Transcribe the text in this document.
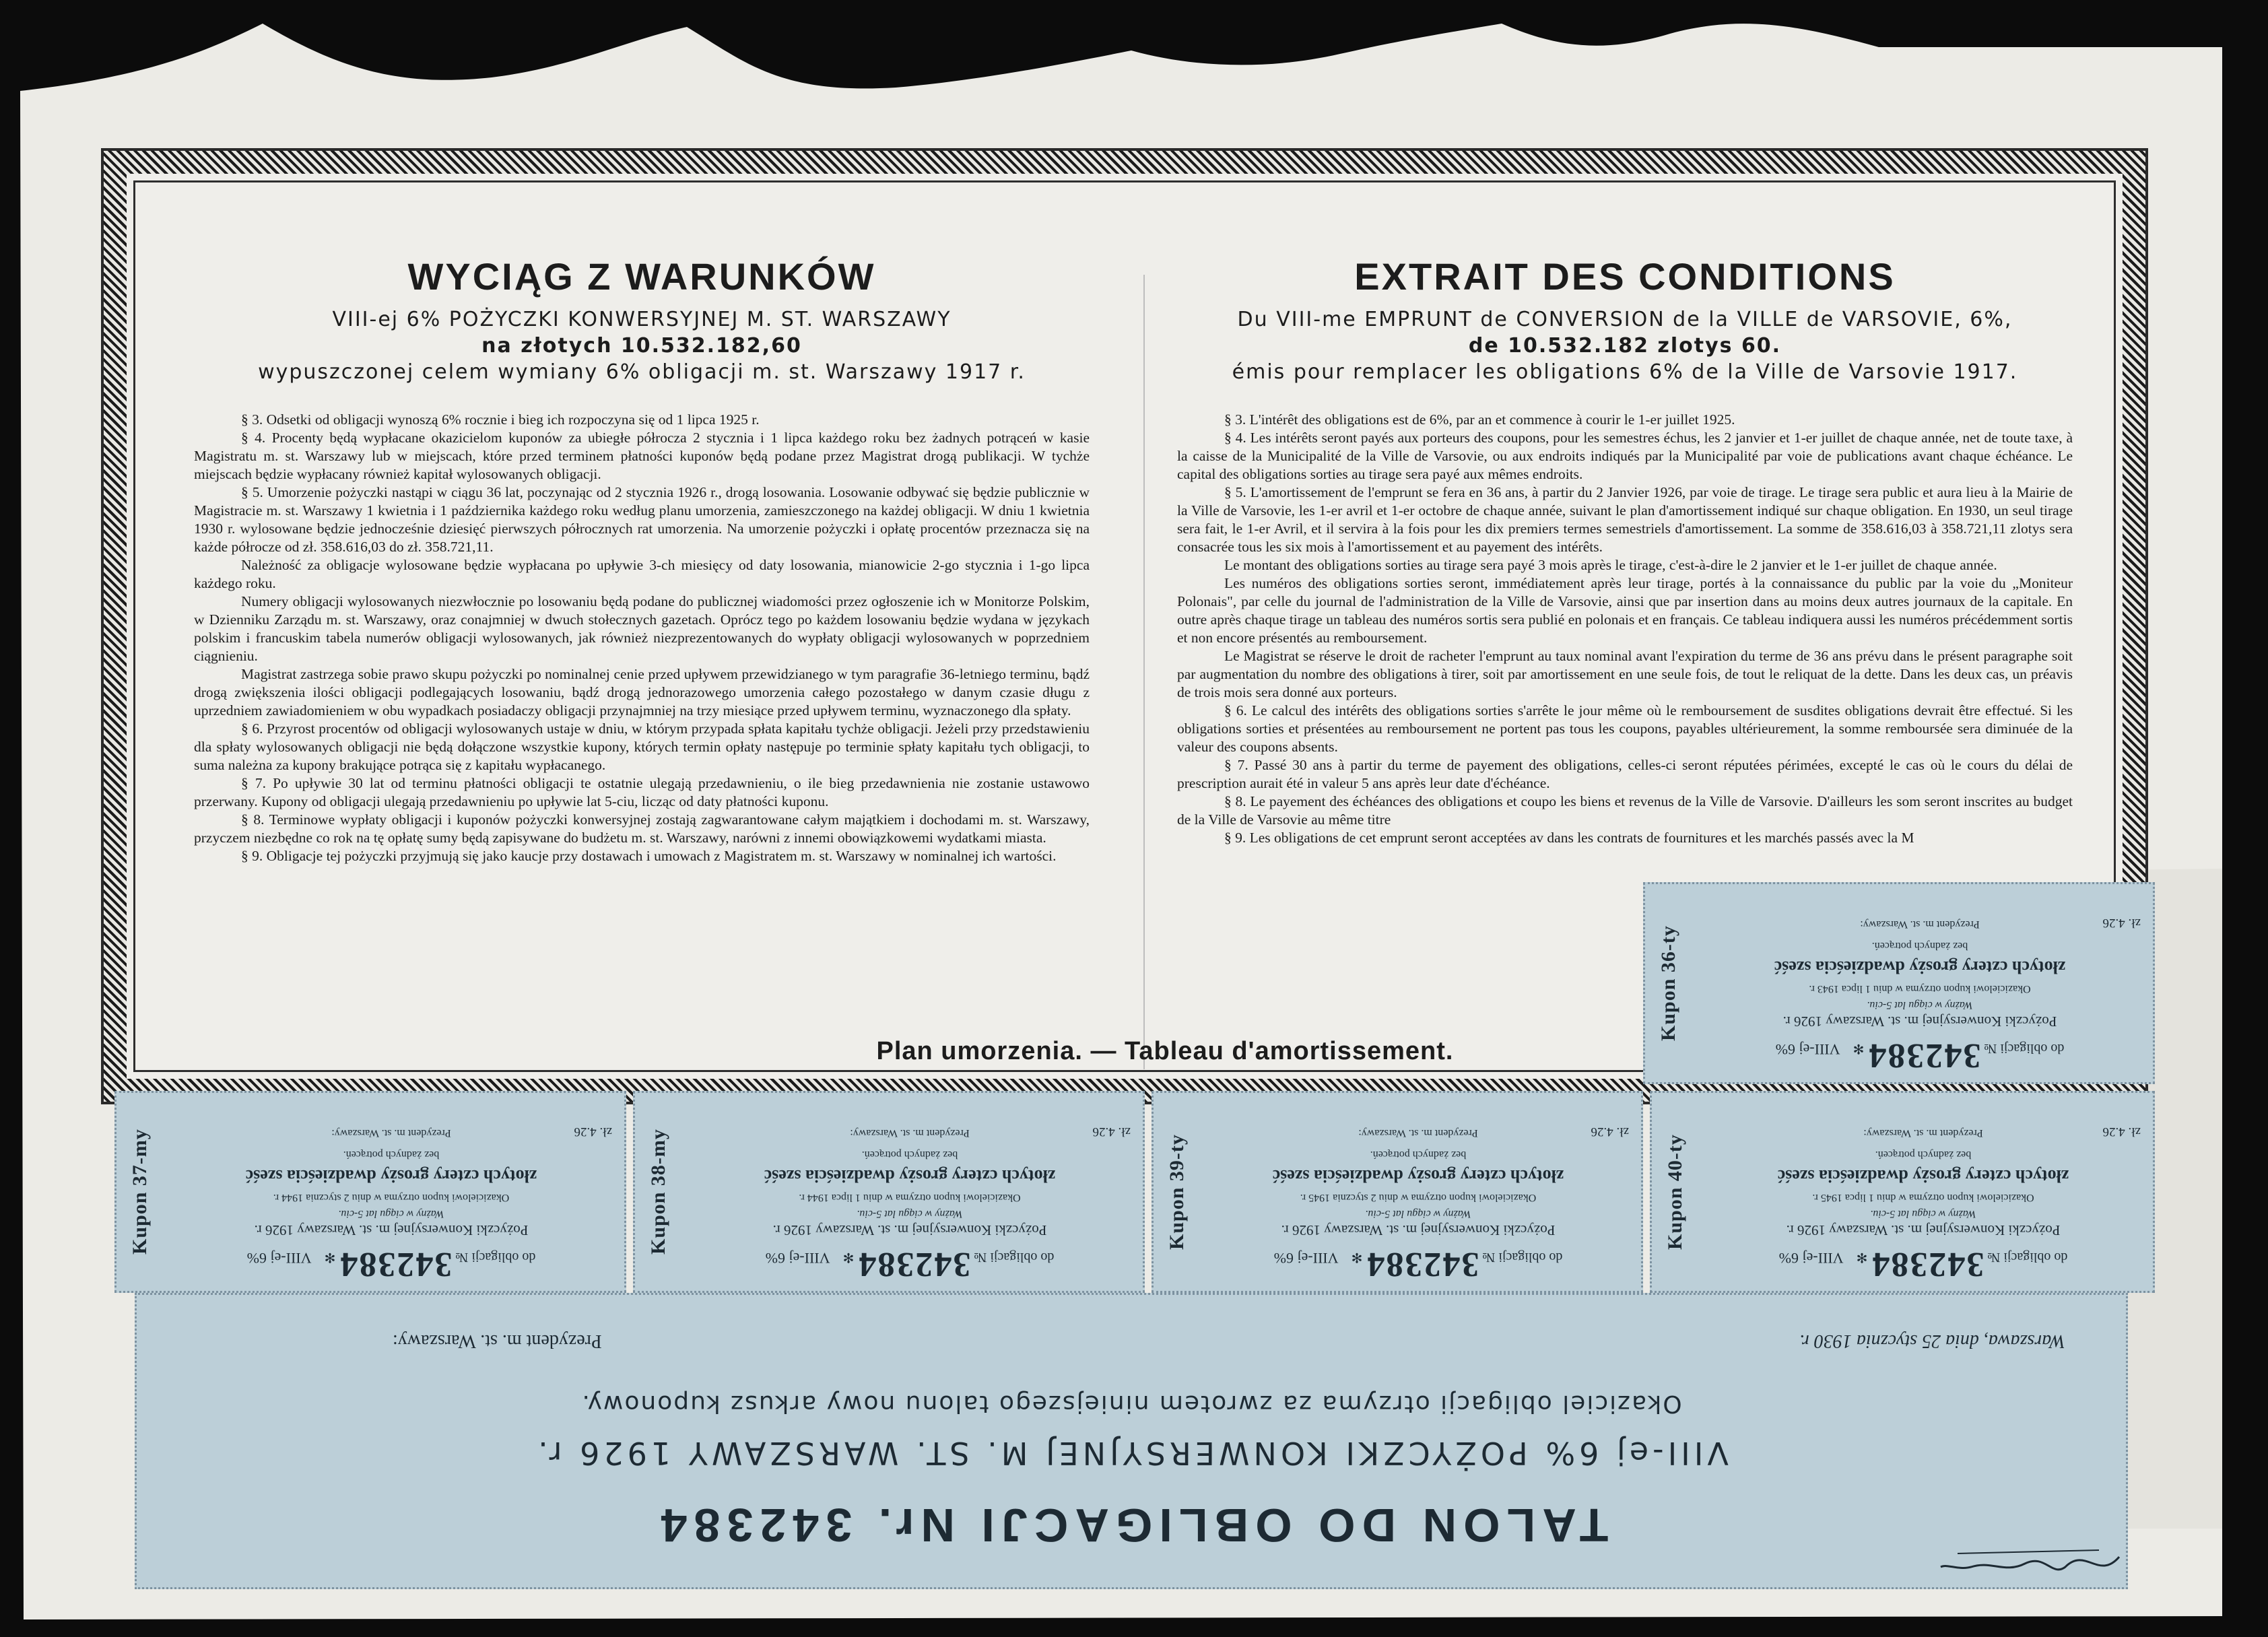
WYCIĄG Z WARUNKÓW
VIII-ej 6% POŻYCZKI KONWERSYJNEJ M. ST. WARSZAWY
na złotych 10.532.182,60
wypuszczonej celem wymiany 6% obligacji m. st. Warszawy 1917 r.

§ 3. Odsetki od obligacji wynoszą 6% rocznie i bieg ich rozpoczyna się od 1 lipca 1925 r.

§ 4. Procenty będą wypłacane okazicielom kuponów za ubiegłe półrocza 2 stycznia i 1 lipca każdego roku bez żadnych potrąceń w kasie Magistratu m. st. Warszawy lub w miejscach, które przed terminem płatności kuponów będą podane przez Magistrat drogą publikacji. W tychże miejscach będzie wypłacany również kapitał wylosowanych obligacji.

§ 5. Umorzenie pożyczki nastąpi w ciągu 36 lat, poczynając od 2 stycznia 1926 r., drogą losowania. Losowanie odbywać się będzie publicznie w Magistracie m. st. Warszawy 1 kwietnia i 1 października każdego roku według planu umorzenia, zamieszczonego na każdej obligacji. W dniu 1 kwietnia 1930 r. wylosowane będzie jednocześnie dziesięć pierwszych półrocznych rat umorzenia. Na umorzenie pożyczki i opłatę procentów przeznacza się na każde półrocze od zł. 358.616,03 do zł. 358.721,11.

Należność za obligacje wylosowane będzie wypłacana po upływie 3-ch miesięcy od daty losowania, mianowicie 2-go stycznia i 1-go lipca każdego roku.

Numery obligacji wylosowanych niezwłocznie po losowaniu będą podane do publicznej wiadomości przez ogłoszenie ich w Monitorze Polskim, w Dzienniku Zarządu m. st. Warszawy, oraz conajmniej w dwuch stołecznych gazetach. Oprócz tego po każdem losowaniu będzie wydana w językach polskim i francuskim tabela numerów obligacji wylosowanych, jak również niezprezentowanych do wypłaty obligacji wylosowanych w poprzedniem ciągnieniu.

Magistrat zastrzega sobie prawo skupu pożyczki po nominalnej cenie przed upływem przewidzianego w tym paragrafie 36-letniego terminu, bądź drogą zwiększenia ilości obligacji podlegających losowaniu, bądź drogą jednorazowego umorzenia całego pozostałego w danym czasie długu z uprzedniem zawiadomieniem w obu wypadkach posiadaczy obligacji przynajmniej na trzy miesiące przed upływem terminu, wyznaczonego dla spłaty.

§ 6. Przyrost procentów od obligacji wylosowanych ustaje w dniu, w którym przypada spłata kapitału tychże obligacji. Jeżeli przy przedstawieniu dla spłaty wylosowanych obligacji nie będą dołączone wszystkie kupony, których termin opłaty następuje po terminie spłaty kapitału tych obligacji, to suma należna za kupony brakujące potrąca się z kapitału wypłacanego.

§ 7. Po upływie 30 lat od terminu płatności obligacji te ostatnie ulegają przedawnieniu, o ile bieg przedawnienia nie zostanie ustawowo przerwany. Kupony od obligacji ulegają przedawnieniu po upływie lat 5-ciu, licząc od daty płatności kuponu.

§ 8. Terminowe wypłaty obligacji i kuponów pożyczki konwersyjnej zostają zagwarantowane całym majątkiem i dochodami m. st. Warszawy, przyczem niezbędne co rok na tę opłatę sumy będą zapisywane do budżetu m. st. Warszawy, narówni z innemi obowiązkowemi wydatkami miasta.

§ 9. Obligacje tej pożyczki przyjmują się jako kaucje przy dostawach i umowach z Magistratem m. st. Warszawy w nominalnej ich wartości.

EXTRAIT DES CONDITIONS
Du VIII-me EMPRUNT de CONVERSION de la VILLE de VARSOVIE, 6%,
de 10.532.182 zlotys 60.
émis pour remplacer les obligations 6% de la Ville de Varsovie 1917.

§ 3. L'intérêt des obligations est de 6%, par an et commence à courir le 1-er juillet 1925.

§ 4. Les intérêts seront payés aux porteurs des coupons, pour les semestres échus, les 2 janvier et 1-er juillet de chaque année, net de toute taxe, à la caisse de la Municipalité de la Ville de Varsovie, ou aux endroits indiqués par la Municipalité par voie de publications avant chaque échéance. Le capital des obligations sorties au tirage sera payé aux mêmes endroits.

§ 5. L'amortissement de l'emprunt se fera en 36 ans, à partir du 2 Janvier 1926, par voie de tirage. Le tirage sera public et aura lieu à la Mairie de la Ville de Varsovie, les 1-er avril et 1-er octobre de chaque année, suivant le plan d'amortissement indiqué sur chaque obligation. En 1930, un seul tirage sera fait, le 1-er Avril, et il servira à la fois pour les dix premiers termes semestriels d'amortissement. La somme de 358.616,03 à 358.721,11 zlotys sera consacrée tous les six mois à l'amortissement et au payement des intérêts.

Le montant des obligations sorties au tirage sera payé 3 mois après le tirage, c'est-à-dire le 2 janvier et le 1-er juillet de chaque année.

Les numéros des obligations sorties seront, immédiatement après leur tirage, portés à la connaissance du public par la voie du „Moniteur Polonais", par celle du journal de l'administration de la Ville de Varsovie, ainsi que par insertion dans au moins deux autres journaux de la capitale. En outre après chaque tirage un tableau des numéros sortis sera publié en polonais et en français. Ce tableau indiquera aussi les numéros précédemment sortis et non encore présentés au remboursement.

Le Magistrat se réserve le droit de racheter l'emprunt au taux nominal avant l'expiration du terme de 36 ans prévu dans le présent paragraphe soit par augmentation du nombre des obligations à tirer, soit par amortissement en une seule fois, de tout le reliquat de la dette. Dans les deux cas, un préavis de trois mois sera donné aux porteurs.

§ 6. Le calcul des intérêts des obligations sorties s'arrête le jour même où le remboursement de susdites obligations devrait être effectué. Si les obligations sorties et présentées au remboursement ne portent pas tous les coupons, payables ultérieurement, la somme remboursée sera diminuée de la valeur des coupons absents.

§ 7. Passé 30 ans à partir du terme de payement des obligations, celles-ci seront réputées périmées, excepté le cas où le cours du délai de prescription aurait été in valeur 5 ans après leur date d'échéance.

§ 8. Le payement des échéances des obligations et coupo les biens et revenus de la Ville de Varsovie. D'ailleurs les som seront inscrites au budget de la Ville de Varsovie au même titre

§ 9. Les obligations de cet emprunt seront acceptées av dans les contrats de fournitures et les marchés passés avec la M

Plan umorzenia. — Tableau d'amortissement.
Kupon 36-ty
do obligacji № 342384 ✻ VIII-ej 6%
Pożyczki Konwersyjnej m. st. Warszawy 1926 r.
Ważny w ciągu lat 5-ciu.
Okazicielowi kupon otrzyma w dniu 1 lipca 1943 r.
złotych cztery grosży dwadzieścia sześć
bez żadnych potrąceń.
Prezydent m. st. Warszawy:	zł. 4.26
Kupon 37-my
do obligacji № 342384 ✻ VIII-ej 6%
Pożyczki Konwersyjnej m. st. Warszawy 1926 r.
Ważny w ciągu lat 5-ciu.
Okazicielowi kupon otrzyma w dniu 2 stycznia 1944 r.
złotych cztery grosży dwadzieścia sześć
bez żadnych potrąceń.
Prezydent m. st. Warszawy:	zł. 4.26 Kupon 38-my
do obligacji № 342384 ✻ VIII-ej 6%
Pożyczki Konwersyjnej m. st. Warszawy 1926 r.
Ważny w ciągu lat 5-ciu.
Okazicielowi kupon otrzyma w dniu 1 lipca 1944 r.
złotych cztery grosży dwadzieścia sześć
bez żadnych potrąceń.
Prezydent m. st. Warszawy:	zł. 4.26
Kupon 39-ty
do obligacji № 342384 ✻ VIII-ej 6%
Pożyczki Konwersyjnej m. st. Warszawy 1926 r.
Ważny w ciągu lat 5-ciu.
Okazicielowi kupon otrzyma w dniu 2 stycznia 1945 r.
złotych cztery grosży dwadzieścia sześć
bez żadnych potrąceń.
Prezydent m. st. Warszawy:	zł. 4.26
Kupon 40-ty
do obligacji № 342384 ✻ VIII-ej 6%
Pożyczki Konwersyjnej m. st. Warszawy 1926 r.
Ważny w ciągu lat 5-ciu.
Okazicielowi kupon otrzyma w dniu 1 lipca 1945 r.
złotych cztery grosży dwadzieścia sześć
bez żadnych potrąceń.
Prezydent m. st. Warszawy:	zł. 4.26
TALON DO OBLIGACJI Nr. 342384
VIII-ej 6% POŻYCZKI KONWERSYJNEJ M. ST. WARSZAWY 1926 r.
Okaziciel obligacji otrzyma za zwrotem niniejszego talonu nowy arkusz kuponowy.
Warszawa, dnia 25 stycznia 1930 r.
Prezydent m. st. Warszawy:
